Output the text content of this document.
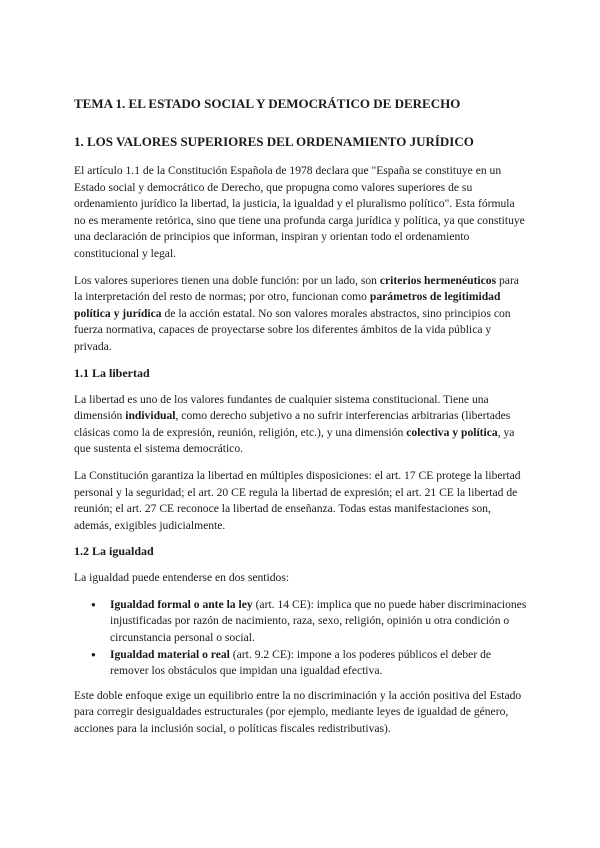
TEMA 1. EL ESTADO SOCIAL Y DEMOCRÁTICO DE DERECHO
1. LOS VALORES SUPERIORES DEL ORDENAMIENTO JURÍDICO

El artículo 1.1 de la Constitución Española de 1978 declara que "España se constituye en un Estado social y democrático de Derecho, que propugna como valores superiores de su ordenamiento jurídico la libertad, la justicia, la igualdad y el pluralismo político". Esta fórmula no es meramente retórica, sino que tiene una profunda carga jurídica y política, ya que constituye una declaración de principios que informan, inspiran y orientan todo el ordenamiento constitucional y legal.

Los valores superiores tienen una doble función: por un lado, son criterios hermenéuticos para la interpretación del resto de normas; por otro, funcionan como parámetros de legitimidad política y jurídica de la acción estatal. No son valores morales abstractos, sino principios con fuerza normativa, capaces de proyectarse sobre los diferentes ámbitos de la vida pública y privada.

1.1 La libertad

La libertad es uno de los valores fundantes de cualquier sistema constitucional. Tiene una dimensión individual, como derecho subjetivo a no sufrir interferencias arbitrarias (libertades clásicas como la de expresión, reunión, religión, etc.), y una dimensión colectiva y política, ya que sustenta el sistema democrático.

La Constitución garantiza la libertad en múltiples disposiciones: el art. 17 CE protege la libertad personal y la seguridad; el art. 20 CE regula la libertad de expresión; el art. 21 CE la libertad de reunión; el art. 27 CE reconoce la libertad de enseñanza. Todas estas manifestaciones son, además, exigibles judicialmente.

1.2 La igualdad

La igualdad puede entenderse en dos sentidos:

● Igualdad formal o ante la ley (art. 14 CE): implica que no puede haber discriminaciones injustificadas por razón de nacimiento, raza, sexo, religión, opinión u otra condición o circunstancia personal o social.
● Igualdad material o real (art. 9.2 CE): impone a los poderes públicos el deber de remover los obstáculos que impidan una igualdad efectiva.

Este doble enfoque exige un equilibrio entre la no discriminación y la acción positiva del Estado para corregir desigualdades estructurales (por ejemplo, mediante leyes de igualdad de género, acciones para la inclusión social, o políticas fiscales redistributivas).
